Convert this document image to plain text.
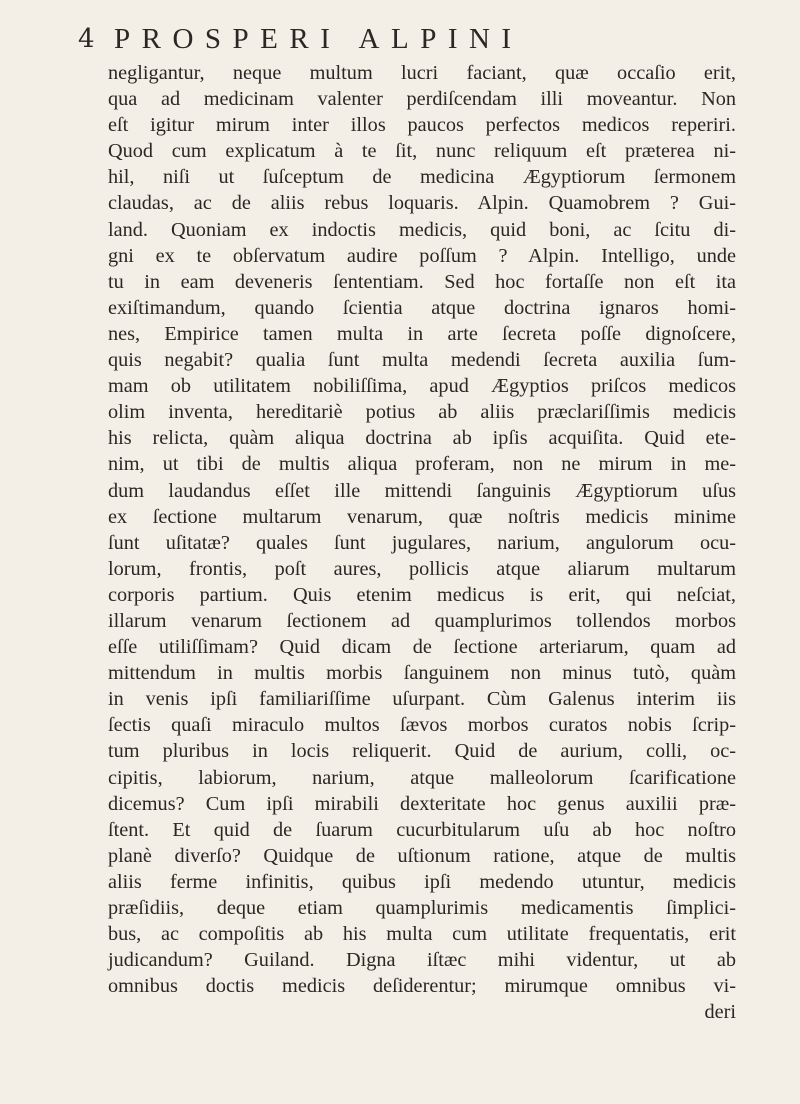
4 PROSPERI ALPINI
negligantur, neque multum lucri faciant, quæ occaſio erit,
qua ad medicinam valenter perdiſcendam illi moveantur. Non
eſt igitur mirum inter illos paucos perfectos medicos reperiri.
Quod cum explicatum à te ſit, nunc reliquum eſt præterea ni-
hil, niſi ut ſuſceptum de medicina Ægyptiorum ſermonem
claudas, ac de aliis rebus loquaris. Alpin. Quamobrem ? Gui-
land. Quoniam ex indoctis medicis, quid boni, ac ſcitu di-
gni ex te obſervatum audire poſſum ? Alpin. Intelligo, unde
tu in eam deveneris ſententiam. Sed hoc fortaſſe non eſt ita
exiſtimandum, quando ſcientia atque doctrina ignaros homi-
nes, Empirice tamen multa in arte ſecreta poſſe dignoſcere,
quis negabit? qualia ſunt multa medendi ſecreta auxilia ſum-
mam ob utilitatem nobiliſſima, apud Ægyptios priſcos medicos
olim inventa, hereditariè potius ab aliis præclariſſimis medicis
his relicta, quàm aliqua doctrina ab ipſis acquiſita. Quid ete-
nim, ut tibi de multis aliqua proferam, non ne mirum in me-
dum laudandus eſſet ille mittendi ſanguinis Ægyptiorum uſus
ex ſectione multarum venarum, quæ noſtris medicis minime
ſunt uſitatæ? quales ſunt jugulares, narium, angulorum ocu-
lorum, frontis, poſt aures, pollicis atque aliarum multarum
corporis partium. Quis etenim medicus is erit, qui neſciat,
illarum venarum ſectionem ad quamplurimos tollendos morbos
eſſe utiliſſimam? Quid dicam de ſectione arteriarum, quam ad
mittendum in multis morbis ſanguinem non minus tutò, quàm
in venis ipſi familiariſſime uſurpant. Cùm Galenus interim iis
ſectis quaſi miraculo multos ſævos morbos curatos nobis ſcrip-
tum pluribus in locis reliquerit. Quid de aurium, colli, oc-
cipitis, labiorum, narium, atque malleolorum ſcarificatione
dicemus? Cum ipſi mirabili dexteritate hoc genus auxilii præ-
ſtent. Et quid de ſuarum cucurbitularum uſu ab hoc noſtro
planè diverſo? Quidque de uſtionum ratione, atque de multis
aliis ferme infinitis, quibus ipſi medendo utuntur, medicis
præſidiis, deque etiam quamplurimis medicamentis ſimplici-
bus, ac compoſitis ab his multa cum utilitate frequentatis, erit
judicandum? Guiland. Digna iſtæc mihi videntur, ut ab
omnibus doctis medicis deſiderentur; mirumque omnibus vi-
deri
